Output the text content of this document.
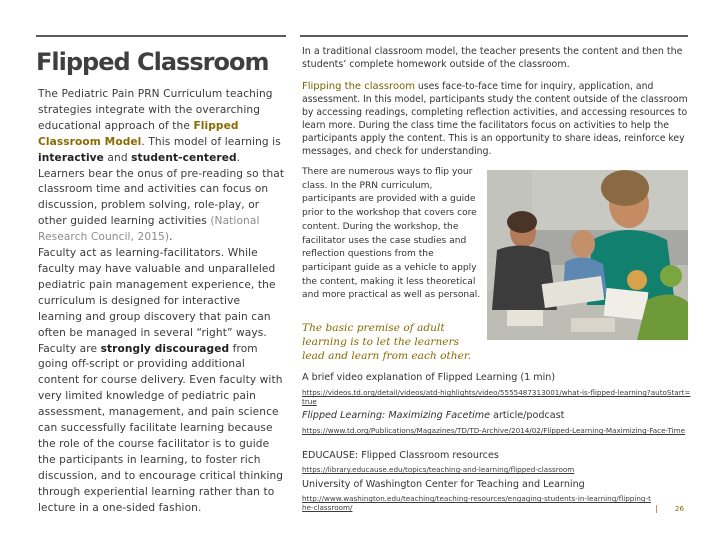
Flipped Classroom
The Pediatric Pain PRN Curriculum teaching strategies integrate with the overarching educational approach of the Flipped Classroom Model. This model of learning is interactive and student-centered.
Learners bear the onus of pre-reading so that classroom time and activities can focus on discussion, problem solving, role-play, or other guided learning activities (National Research Council, 2015).
Faculty act as learning-facilitators. While faculty may have valuable and unparalleled pediatric pain management experience, the curriculum is designed for interactive learning and group discovery that pain can often be managed in several “right” ways. Faculty are strongly discouraged from going off-script or providing additional content for course delivery. Even faculty with very limited knowledge of pediatric pain assessment, management, and pain science can successfully facilitate learning because the role of the course facilitator is to guide the participants in learning, to foster rich discussion, and to encourage critical thinking through experiential learning rather than to lecture in a one-sided fashion.

In a traditional classroom model, the teacher presents the content and then the students’ complete homework outside of the classroom.

Flipping the classroom uses face-to-face time for inquiry, application, and assessment. In this model, participants study the content outside of the classroom by accessing readings, completing reflection activities, and accessing resources to learn more. During the class time the facilitators focus on activities to help the participants apply the content. This is an opportunity to share ideas, reinforce key messages, and check for understanding.

There are numerous ways to flip your class. In the PRN curriculum, participants are provided with a guide prior to the workshop that covers core content. During the workshop, the facilitator uses the case studies and reflection questions from the participant guide as a vehicle to apply the content, making it less theoretical and more practical as well as personal.

The basic premise of adult learning is to let the learners lead and learn from each other.

A brief video explanation of Flipped Learning (1 min)
https://videos.td.org/detail/videos/atd-highlights/video/5555487313001/what-is-flipped-learning?autoStart=true
Flipped Learning: Maximizing Facetime article/podcast
https://www.td.org/Publications/Magazines/TD/TD-Archive/2014/02/Flipped-Learning-Maximizing-Face-Time
EDUCAUSE: Flipped Classroom resources
https://library.educause.edu/topics/teaching-and-learning/flipped-classroom
University of Washington Center for Teaching and Learning
http://www.washington.edu/teaching/teaching-resources/engaging-students-in-learning/flipping-the-classroom/	| 26
